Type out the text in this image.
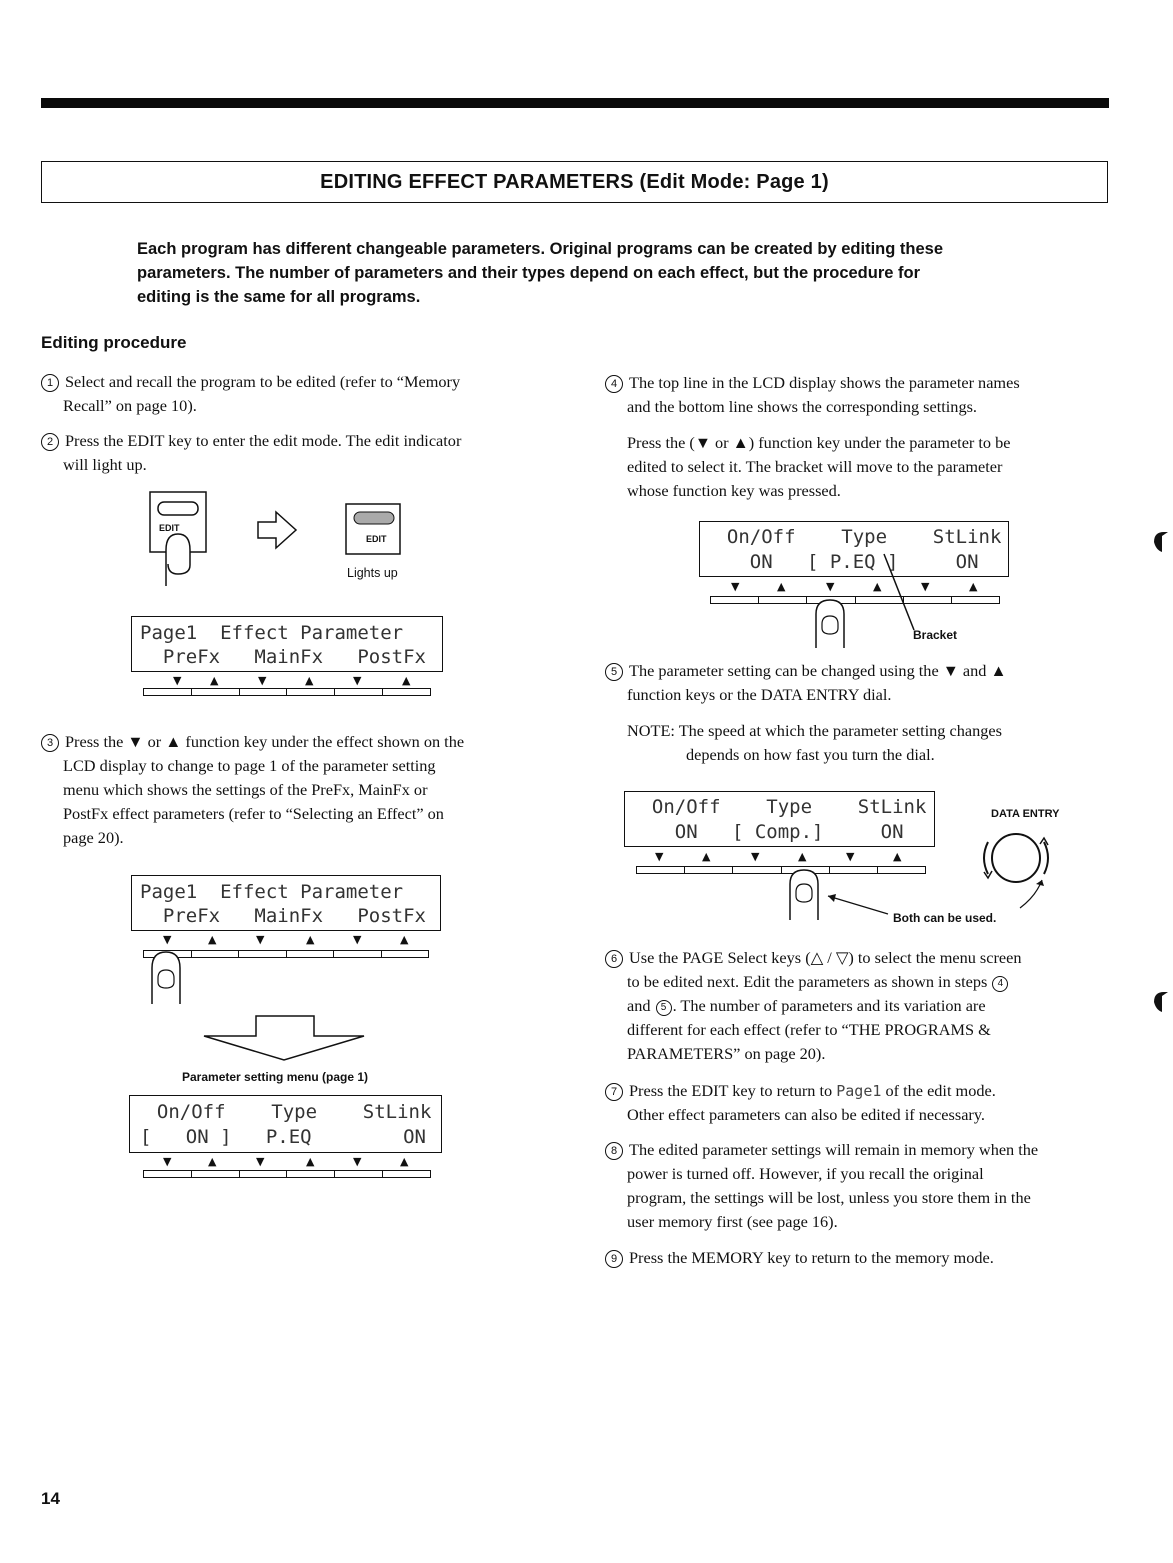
EDITING EFFECT PARAMETERS (Edit Mode: Page 1)
Each program has different changeable parameters. Original programs can be created by editing these
parameters. The number of parameters and their types depend on each effect, but the procedure for
editing is the same for all programs.
Editing procedure
1 Select and recall the program to be edited (refer to “Memory
Recall” on page 10).
2 Press the EDIT key to enter the edit mode. The edit indicator
will light up.
EDIT
EDIT
Lights up
Page1  Effect Parameter
PreFx   MainFx   PostFx
▼	▲	▼	▲	▼	▲
3 Press the ▼ or ▲ function key under the effect shown on the
LCD display to change to page 1 of the parameter setting
menu which shows the settings of the PreFx, MainFx or
PostFx effect parameters (refer to “Selecting an Effect” on
page 20).
Page1  Effect Parameter
PreFx   MainFx   PostFx
▼	▲	▼	▲	▼	▲
Parameter setting menu (page 1)
On/Off    Type    StLink
[   ON ]   P.EQ        ON
▼	▲	▼	▲	▼	▲
4 The top line in the LCD display shows the parameter names
and the bottom line shows the corresponding settings.
Press the (▼ or ▲) function key under the parameter to be
edited to select it. The bracket will move to the parameter
whose function key was pressed.
On/Off    Type    StLink
ON   [ P.EQ ]     ON
▼	▲	▼	▲	▼	▲
Bracket
5 The parameter setting can be changed using the ▼ and ▲
function keys or the DATA ENTRY dial.
NOTE: The speed at which the parameter setting changes
depends on how fast you turn the dial.
On/Off    Type    StLink
ON   [ Comp.]     ON
▼	▲	▼	▲	▼	▲
DATA ENTRY
Both can be used.
6 Use the PAGE Select keys (△ / ▽) to select the menu screen
to be edited next. Edit the parameters as shown in steps 4
and 5 . The number of parameters and its variation are
different for each effect (refer to “THE PROGRAMS &
PARAMETERS” on page 20).
7 Press the EDIT key to return to Page1 of the edit mode.
Other effect parameters can also be edited if necessary.
8 The edited parameter settings will remain in memory when the
power is turned off. However, if you recall the original
program, the settings will be lost, unless you store them in the
user memory first (see page 16).
9 Press the MEMORY key to return to the memory mode.
14
